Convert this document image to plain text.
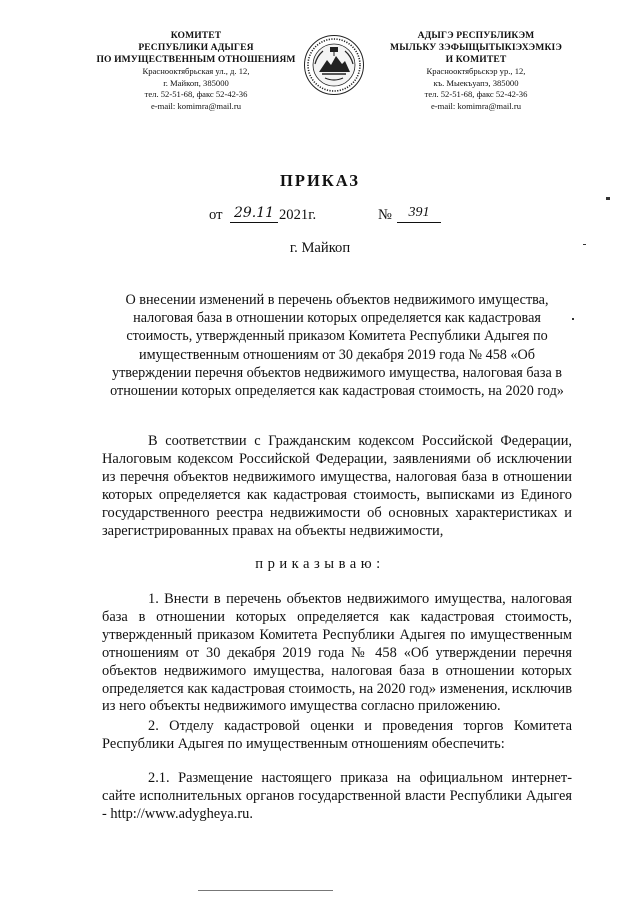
КОМИТЕТ
РЕСПУБЛИКИ АДЫГЕЯ
ПО ИМУЩЕСТВЕННЫМ ОТНОШЕНИЯМ
Краснооктябрьская ул., д. 12,
г. Майкоп, 385000
тел. 52-51-68, факс 52-42-36
e-mail: komimra@mail.ru
АДЫГЭ РЕСПУБЛИКЭМ
МЫЛЬКУ ЗЭФЫЩЫТЫКIЭХЭМКIЭ
И КОМИТЕТ
Краснооктябрьскэр ур., 12,
къ. Мыекъуапэ, 385000
тел. 52-51-68, факс 52-42-36
e-mail: komimra@mail.ru
ПРИКАЗ
от 29.11 2021г.	№	391
г. Майкоп
О внесении изменений в перечень объектов недвижимого имущества,
налоговая база в отношении которых определяется как кадастровая
стоимость, утвержденный приказом Комитета Республики Адыгея по
имущественным отношениям от 30 декабря 2019 года № 458 «Об
утверждении перечня объектов недвижимого имущества, налоговая база в
отношении которых определяется как кадастровая стоимость, на 2020 год»
В соответствии с Гражданским кодексом Российской Федерации, Налоговым кодексом Российской Федерации, заявлениями об исключении из перечня объектов недвижимого имущества, налоговая база в отношении которых определяется как кадастровая стоимость, выписками из Единого государственного реестра недвижимости об основных характеристиках и зарегистрированных правах на объекты недвижимости,
приказываю:
1. Внести в перечень объектов недвижимого имущества, налоговая база в отношении которых определяется как кадастровая стоимость, утвержденный приказом Комитета Республики Адыгея по имущественным отношениям от 30 декабря 2019 года № 458 «Об утверждении перечня объектов недвижимого имущества, налоговая база в отношении которых определяется как кадастровая стоимость, на 2020 год» изменения, исключив из него объекты недвижимого имущества согласно приложению.
2. Отделу кадастровой оценки и проведения торгов Комитета Республики Адыгея по имущественным отношениям обеспечить:
2.1. Размещение настоящего приказа на официальном интернет-сайте исполнительных органов государственной власти Республики Адыгея - http://www.adygheya.ru.
